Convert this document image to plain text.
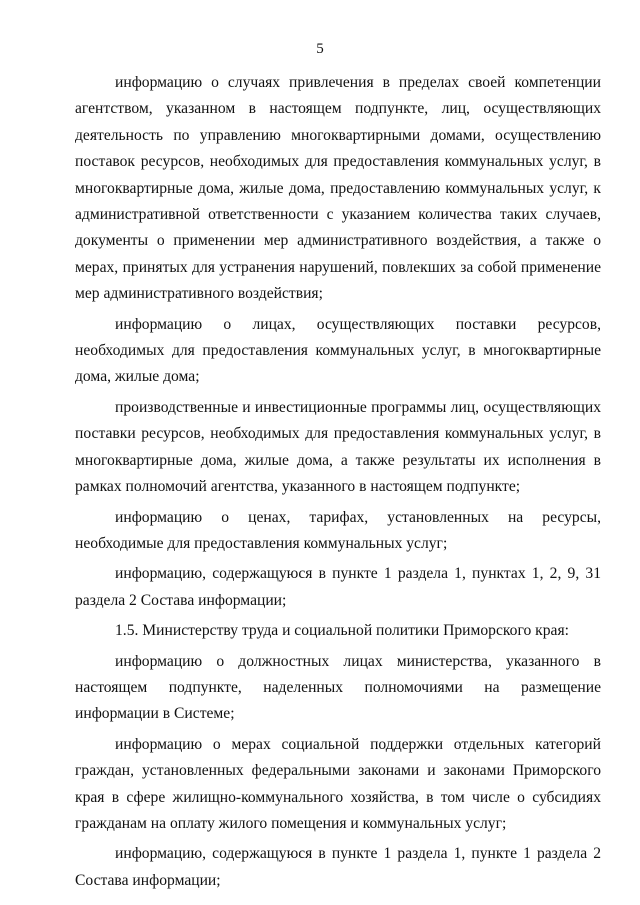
5

информацию о случаях привлечения в пределах своей компетенции агентством, указанном в настоящем подпункте, лиц, осуществляющих деятельность по управлению многоквартирными домами, осуществлению поставок ресурсов, необходимых для предоставления коммунальных услуг, в многоквартирные дома, жилые дома, предоставлению коммунальных услуг, к административной ответственности с указанием количества таких случаев, документы о применении мер административного воздействия, а также о мерах, принятых для устранения нарушений, повлекших за собой применение мер административного воздействия;

информацию о лицах, осуществляющих поставки ресурсов, необходимых для предоставления коммунальных услуг, в многоквартирные дома, жилые дома;

производственные и инвестиционные программы лиц, осуществляющих поставки ресурсов, необходимых для предоставления коммунальных услуг, в многоквартирные дома, жилые дома, а также результаты их исполнения в рамках полномочий агентства, указанного в настоящем подпункте;

информацию о ценах, тарифах, установленных на ресурсы, необходимые для предоставления коммунальных услуг;

информацию, содержащуюся в пункте 1 раздела 1, пунктах 1, 2, 9, 31 раздела 2 Состава информации;

1.5. Министерству труда и социальной политики Приморского края:

информацию о должностных лицах министерства, указанного в настоящем подпункте, наделенных полномочиями на размещение информации в Системе;

информацию о мерах социальной поддержки отдельных категорий граждан, установленных федеральными законами и законами Приморского края в сфере жилищно-коммунального хозяйства, в том числе о субсидиях гражданам на оплату жилого помещения и коммунальных услуг;

информацию, содержащуюся в пункте 1 раздела 1, пункте 1 раздела 2 Состава информации;
